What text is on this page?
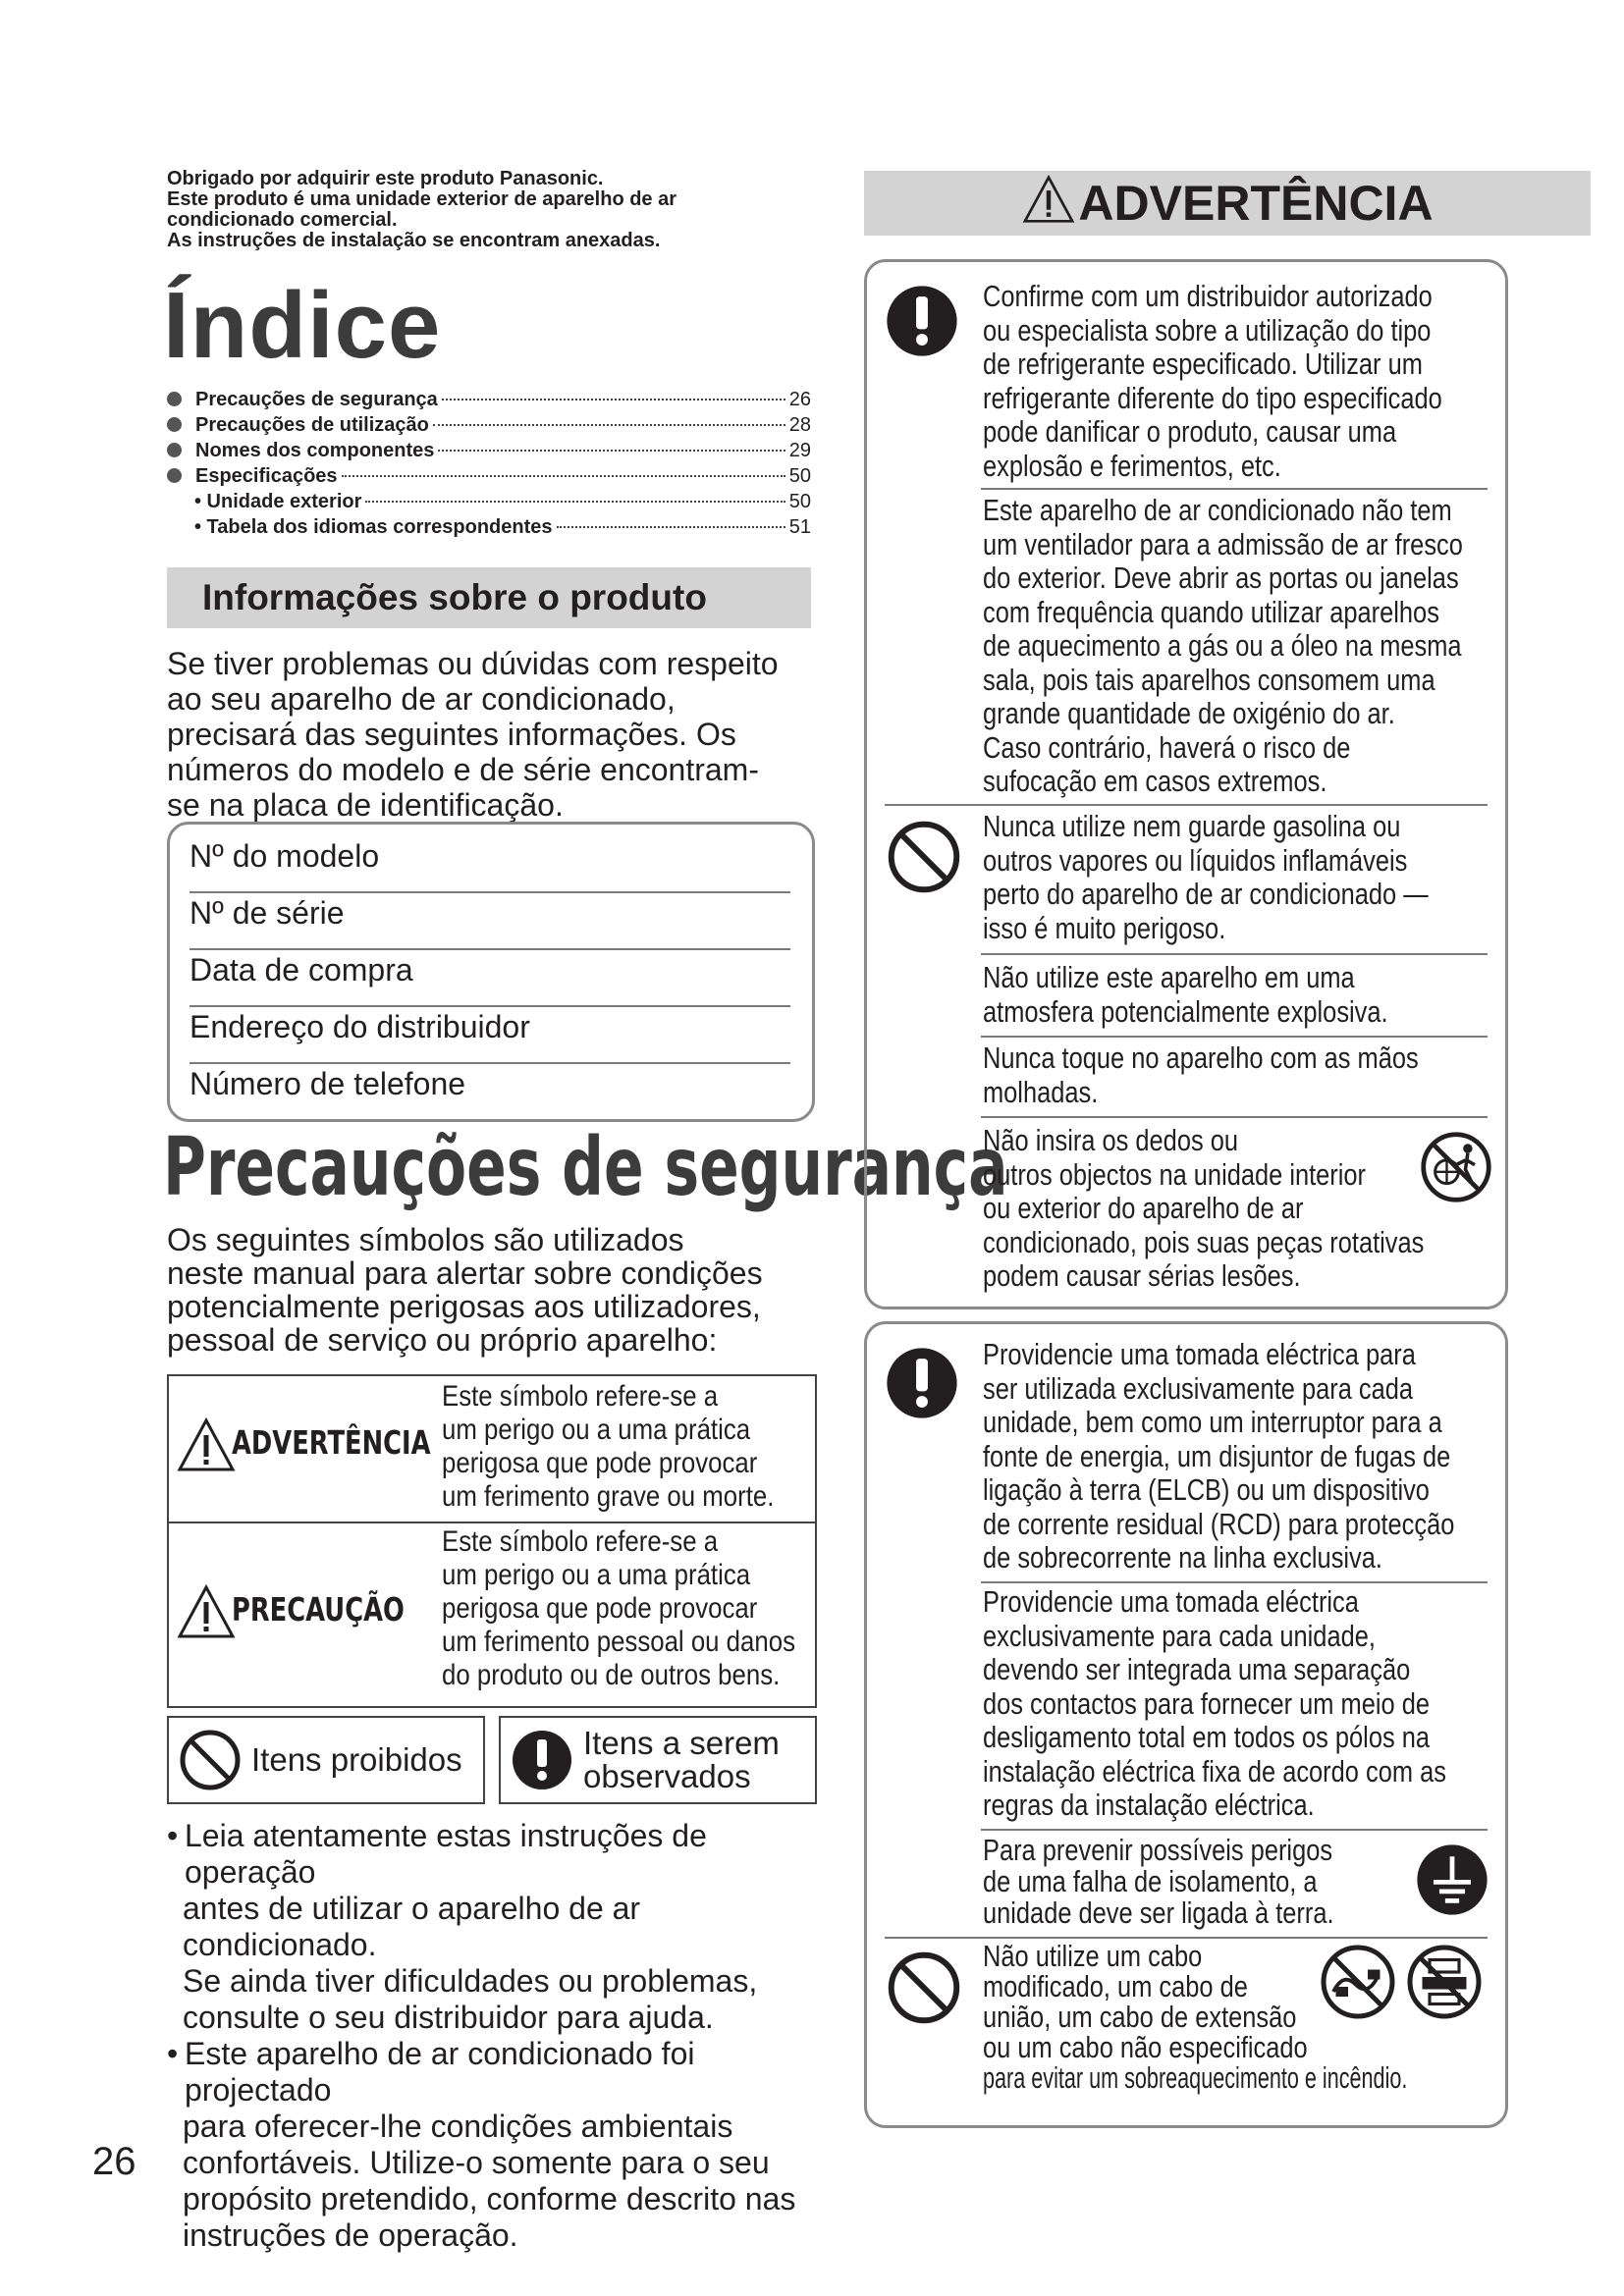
Obrigado por adquirir este produto Panasonic.

Este produto é uma unidade exterior de aparelho de ar

condicionado comercial.

As instruções de instalação se encontram anexadas.

Índice
Precauções de segurança	26
Precauções de utilização	28
Nomes dos componentes	29
Especificações	50
• Unidade exterior	50
• Tabela dos idiomas correspondentes	51
Informações sobre o produto
Se tiver problemas ou dúvidas com respeito
ao seu aparelho de ar condicionado,
precisará das seguintes informações. Os
números do modelo e de série encontram-
se na placa de identificação.
Nº do modelo
Nº de série
Data de compra
Endereço do distribuidor
Número de telefone
Precauções de segurança
Os seguintes símbolos são utilizados
neste manual para alertar sobre condições
potencialmente perigosas aos utilizadores,
pessoal de serviço ou próprio aparelho:
ADVERTÊNCIA
Este símbolo refere-se a
um perigo ou a uma prática
perigosa que pode provocar
um ferimento grave ou morte.
PRECAUÇÃO
Este símbolo refere-se a
um perigo ou a uma prática
perigosa que pode provocar
um ferimento pessoal ou danos
do produto ou de outros bens.
Itens proibidos	Itens a serem
observados
• Leia atentamente estas instruções de operação
antes de utilizar o aparelho de ar condicionado.
Se ainda tiver dificuldades ou problemas,
consulte o seu distribuidor para ajuda.
• Este aparelho de ar condicionado foi projectado
para oferecer-lhe condições ambientais
confortáveis. Utilize-o somente para o seu
propósito pretendido, conforme descrito nas
instruções de operação.
26
ADVERTÊNCIA
Confirme com um distribuidor autorizado
ou especialista sobre a utilização do tipo
de refrigerante especificado. Utilizar um
refrigerante diferente do tipo especificado
pode danificar o produto, causar uma
explosão e ferimentos, etc.
Este aparelho de ar condicionado não tem
um ventilador para a admissão de ar fresco
do exterior. Deve abrir as portas ou janelas
com frequência quando utilizar aparelhos
de aquecimento a gás ou a óleo na mesma
sala, pois tais aparelhos consomem uma
grande quantidade de oxigénio do ar.
Caso contrário, haverá o risco de
sufocação em casos extremos.
Nunca utilize nem guarde gasolina ou
outros vapores ou líquidos inflamáveis
perto do aparelho de ar condicionado —
isso é muito perigoso.
Não utilize este aparelho em uma
atmosfera potencialmente explosiva.
Nunca toque no aparelho com as mãos
molhadas.
Não insira os dedos ou
outros objectos na unidade interior
ou exterior do aparelho de ar
condicionado, pois suas peças rotativas
podem causar sérias lesões.
Providencie uma tomada eléctrica para
ser utilizada exclusivamente para cada
unidade, bem como um interruptor para a
fonte de energia, um disjuntor de fugas de
ligação à terra (ELCB) ou um dispositivo
de corrente residual (RCD) para protecção
de sobrecorrente na linha exclusiva.
Providencie uma tomada eléctrica
exclusivamente para cada unidade,
devendo ser integrada uma separação
dos contactos para fornecer um meio de
desligamento total em todos os pólos na
instalação eléctrica fixa de acordo com as
regras da instalação eléctrica.
Para prevenir possíveis perigos
de uma falha de isolamento, a
unidade deve ser ligada à terra.
Não utilize um cabo
modificado, um cabo de
união, um cabo de extensão
ou um cabo não especificado
para evitar um sobreaquecimento e incêndio.
